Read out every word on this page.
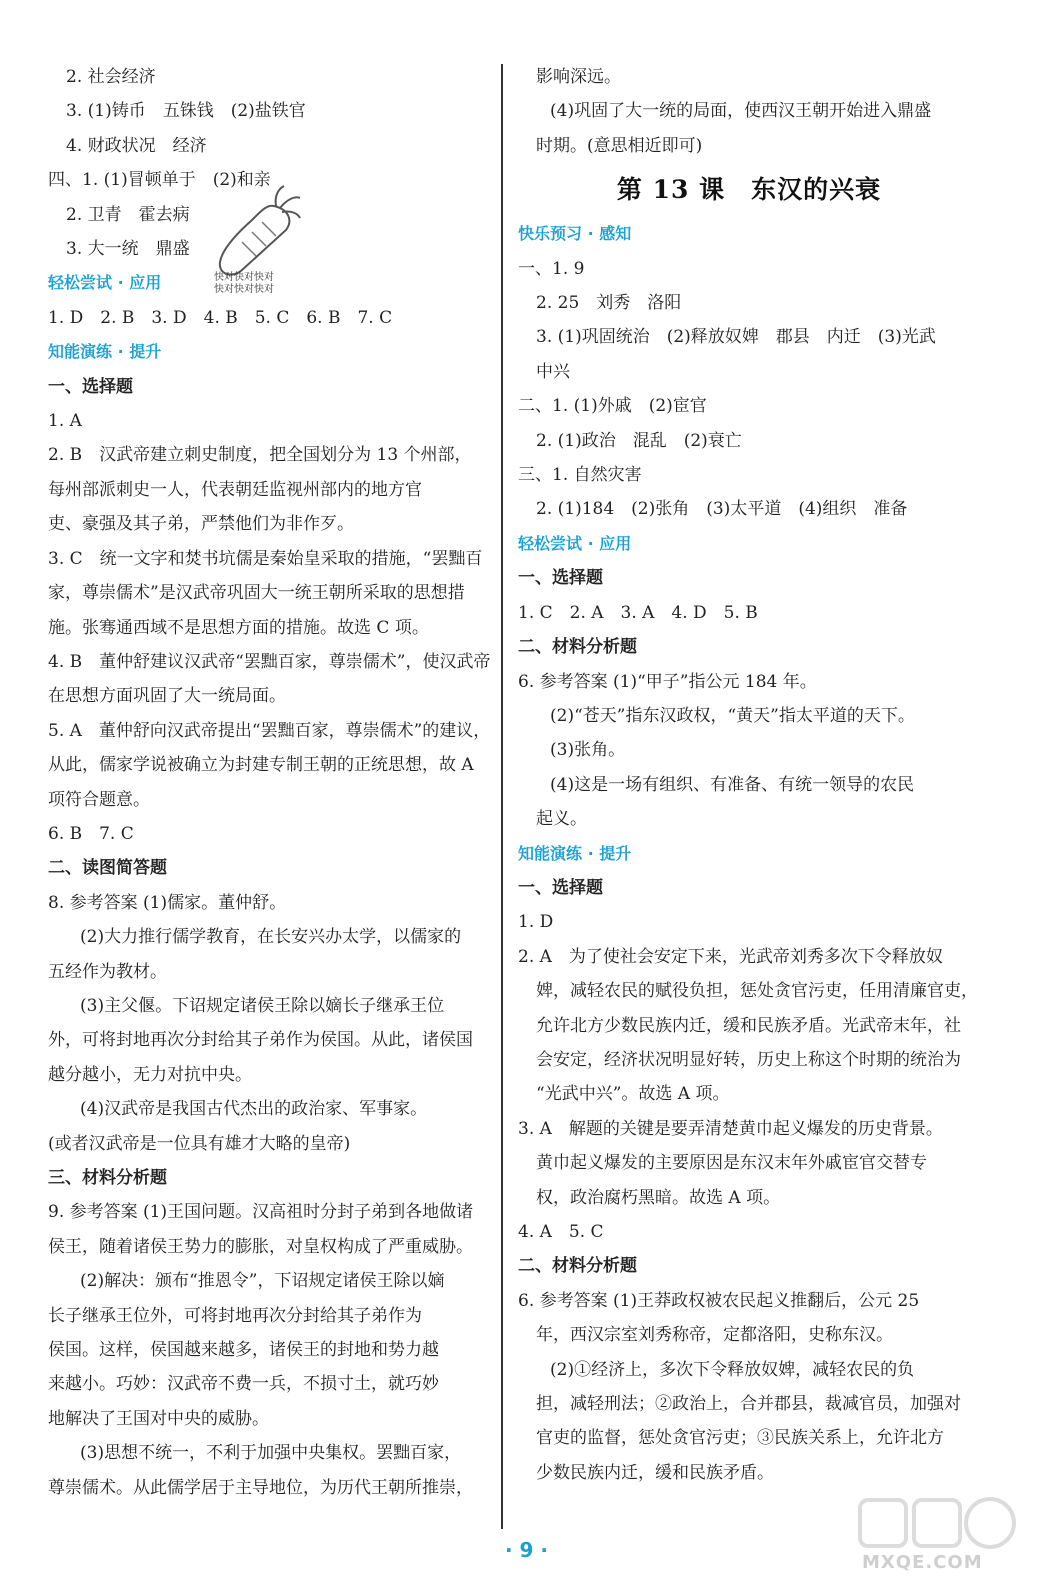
2. 社会经济
3. (1)铸币　五铢钱　(2)盐铁官
4. 财政状况　经济
四、1. (1)冒顿单于　(2)和亲
2. 卫青　霍去病
3. 大一统　鼎盛
轻松尝试 · 应用
1. D　2. B　3. D　4. B　5. C　6. B　7. C
知能演练 · 提升
一、选择题
1. A
2. B　汉武帝建立刺史制度，把全国划分为 13 个州部，
每州部派刺史一人，代表朝廷监视州部内的地方官
吏、豪强及其子弟，严禁他们为非作歹。
3. C　统一文字和焚书坑儒是秦始皇采取的措施，“罢黜百
家，尊崇儒术”是汉武帝巩固大一统王朝所采取的思想措
施。张骞通西域不是思想方面的措施。故选 C 项。
4. B　董仲舒建议汉武帝“罢黜百家，尊崇儒术”，使汉武帝
在思想方面巩固了大一统局面。
5. A　董仲舒向汉武帝提出“罢黜百家，尊崇儒术”的建议，
从此，儒家学说被确立为封建专制王朝的正统思想，故 A
项符合题意。
6. B　7. C
二、读图简答题
8. 参考答案 (1)儒家。董仲舒。
(2)大力推行儒学教育，在长安兴办太学，以儒家的
五经作为教材。
(3)主父偃。下诏规定诸侯王除以嫡长子继承王位
外，可将封地再次分封给其子弟作为侯国。从此，诸侯国
越分越小，无力对抗中央。
(4)汉武帝是我国古代杰出的政治家、军事家。
(或者汉武帝是一位具有雄才大略的皇帝)
三、材料分析题
9. 参考答案 (1)王国问题。汉高祖时分封子弟到各地做诸
侯王，随着诸侯王势力的膨胀，对皇权构成了严重威胁。
(2)解决：颁布“推恩令”，下诏规定诸侯王除以嫡
长子继承王位外，可将封地再次分封给其子弟作为
侯国。这样，侯国越来越多，诸侯王的封地和势力越
来越小。巧妙：汉武帝不费一兵，不损寸土，就巧妙
地解决了王国对中央的威胁。
(3)思想不统一，不利于加强中央集权。罢黜百家，
尊崇儒术。从此儒学居于主导地位，为历代王朝所推崇，
快对快对快对
快对快对快对
影响深远。
(4)巩固了大一统的局面，使西汉王朝开始进入鼎盛
时期。(意思相近即可)
第 13 课　东汉的兴衰
快乐预习 · 感知
一、1. 9
2. 25　刘秀　洛阳
3. (1)巩固统治　(2)释放奴婢　郡县　内迁　(3)光武
中兴
二、1. (1)外戚　(2)宦官
2. (1)政治　混乱　(2)衰亡
三、1. 自然灾害
2. (1)184　(2)张角　(3)太平道　(4)组织　准备
轻松尝试 · 应用
一、选择题
1. C　2. A　3. A　4. D　5. B
二、材料分析题
6. 参考答案 (1)“甲子”指公元 184 年。
(2)“苍天”指东汉政权，“黄天”指太平道的天下。
(3)张角。
(4)这是一场有组织、有准备、有统一领导的农民
起义。
知能演练 · 提升
一、选择题
1. D
2. A　为了使社会安定下来，光武帝刘秀多次下令释放奴
婢，减轻农民的赋役负担，惩处贪官污吏，任用清廉官吏，
允许北方少数民族内迁，缓和民族矛盾。光武帝末年，社
会安定，经济状况明显好转，历史上称这个时期的统治为
“光武中兴”。故选 A 项。
3. A　解题的关键是要弄清楚黄巾起义爆发的历史背景。
黄巾起义爆发的主要原因是东汉末年外戚宦官交替专
权，政治腐朽黑暗。故选 A 项。
4. A　5. C
二、材料分析题
6. 参考答案 (1)王莽政权被农民起义推翻后，公元 25
年，西汉宗室刘秀称帝，定都洛阳，史称东汉。
(2)①经济上，多次下令释放奴婢，减轻农民的负
担，减轻刑法；②政治上，合并郡县，裁减官员，加强对
官吏的监督，惩处贪官污吏；③民族关系上，允许北方
少数民族内迁，缓和民族矛盾。
· 9 ·
MXQE.COM
